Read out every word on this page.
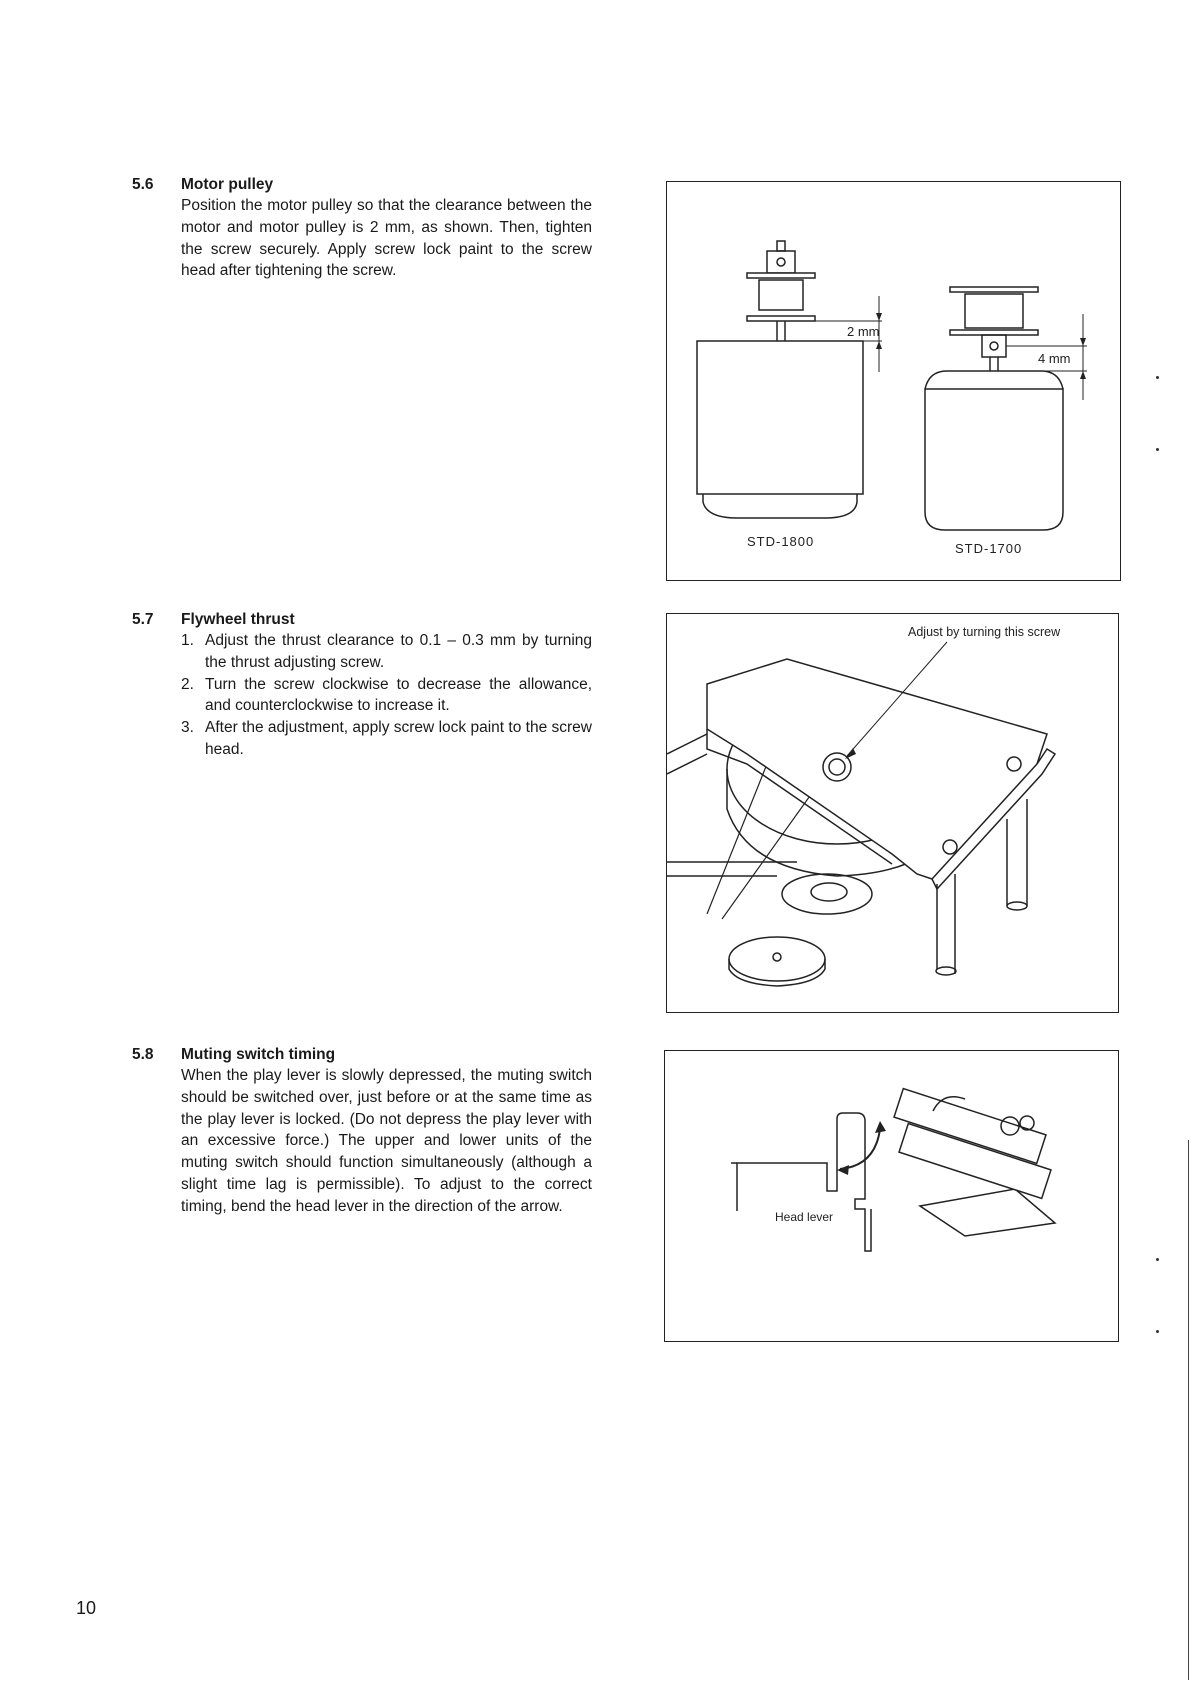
5.6	Motor pulley

Position the motor pulley so that the clearance between the motor and motor pulley is 2 mm, as shown. Then, tighten the screw securely. Apply screw lock paint to the screw head after tightening the screw.

5.7	Flywheel thrust
1. Adjust the thrust clearance to 0.1 – 0.3 mm by turning the thrust adjusting screw.
2. Turn the screw clockwise to decrease the allowance, and counterclockwise to increase it.
3. After the adjustment, apply screw lock paint to the screw head.
5.8	Muting switch timing

When the play lever is slowly depressed, the muting switch should be switched over, just before or at the same time as the play lever is locked. (Do not depress the play lever with an excessive force.) The upper and lower units of the muting switch should function simultaneously (although a slight time lag is permissible). To adjust to the correct timing, bend the head lever in the direction of the arrow.

2 mm
4 mm
STD-1800	STD-1700
Adjust by turning this screw
Head lever
10
